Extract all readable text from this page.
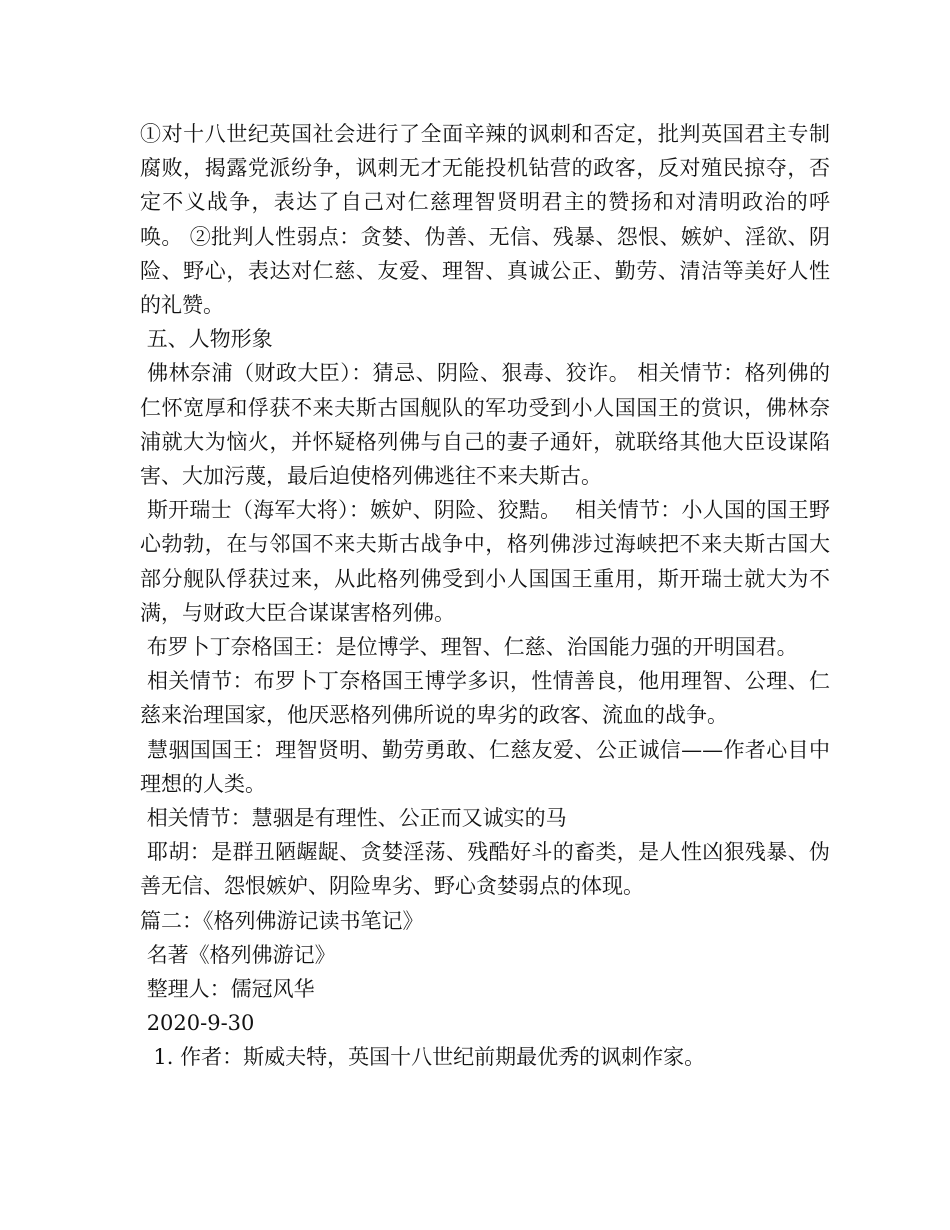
①对十八世纪英国社会进行了全面辛辣的讽刺和否定，批判英国君主专制腐败，揭露党派纷争，讽刺无才无能投机钻营的政客，反对殖民掠夺，否定不义战争，表达了自己对仁慈理智贤明君主的赞扬和对清明政治的呼唤。 ②批判人性弱点：贪婪、伪善、无信、残暴、怨恨、嫉妒、淫欲、阴险、野心，表达对仁慈、友爱、理智、真诚公正、勤劳、清洁等美好人性的礼赞。

五、人物形象

佛林奈浦（财政大臣）：猜忌、阴险、狠毒、狡诈。 相关情节：格列佛的仁怀宽厚和俘获不来夫斯古国舰队的军功受到小人国国王的赏识，佛林奈浦就大为恼火，并怀疑格列佛与自己的妻子通奸，就联络其他大臣设谋陷害、大加污蔑，最后迫使格列佛逃往不来夫斯古。

斯开瑞士（海军大将）：嫉妒、阴险、狡黠。  相关情节：小人国的国王野心勃勃，在与邻国不来夫斯古战争中，格列佛涉过海峡把不来夫斯古国大部分舰队俘获过来，从此格列佛受到小人国国王重用，斯开瑞士就大为不满，与财政大臣合谋谋害格列佛。

布罗卜丁奈格国王：是位博学、理智、仁慈、治国能力强的开明国君。

相关情节：布罗卜丁奈格国王博学多识，性情善良，他用理智、公理、仁慈来治理国家，他厌恶格列佛所说的卑劣的政客、流血的战争。

慧骃国国王：理智贤明、勤劳勇敢、仁慈友爱、公正诚信——作者心目中理想的人类。

相关情节：慧骃是有理性、公正而又诚实的马

耶胡：是群丑陋龌龊、贪婪淫荡、残酷好斗的畜类，是人性凶狠残暴、伪善无信、怨恨嫉妒、阴险卑劣、野心贪婪弱点的体现。

篇二：《格列佛游记读书笔记》

名著《格列佛游记》

整理人：儒冠风华

2020-9-30

1. 作者：斯威夫特，英国十八世纪前期最优秀的讽刺作家。
